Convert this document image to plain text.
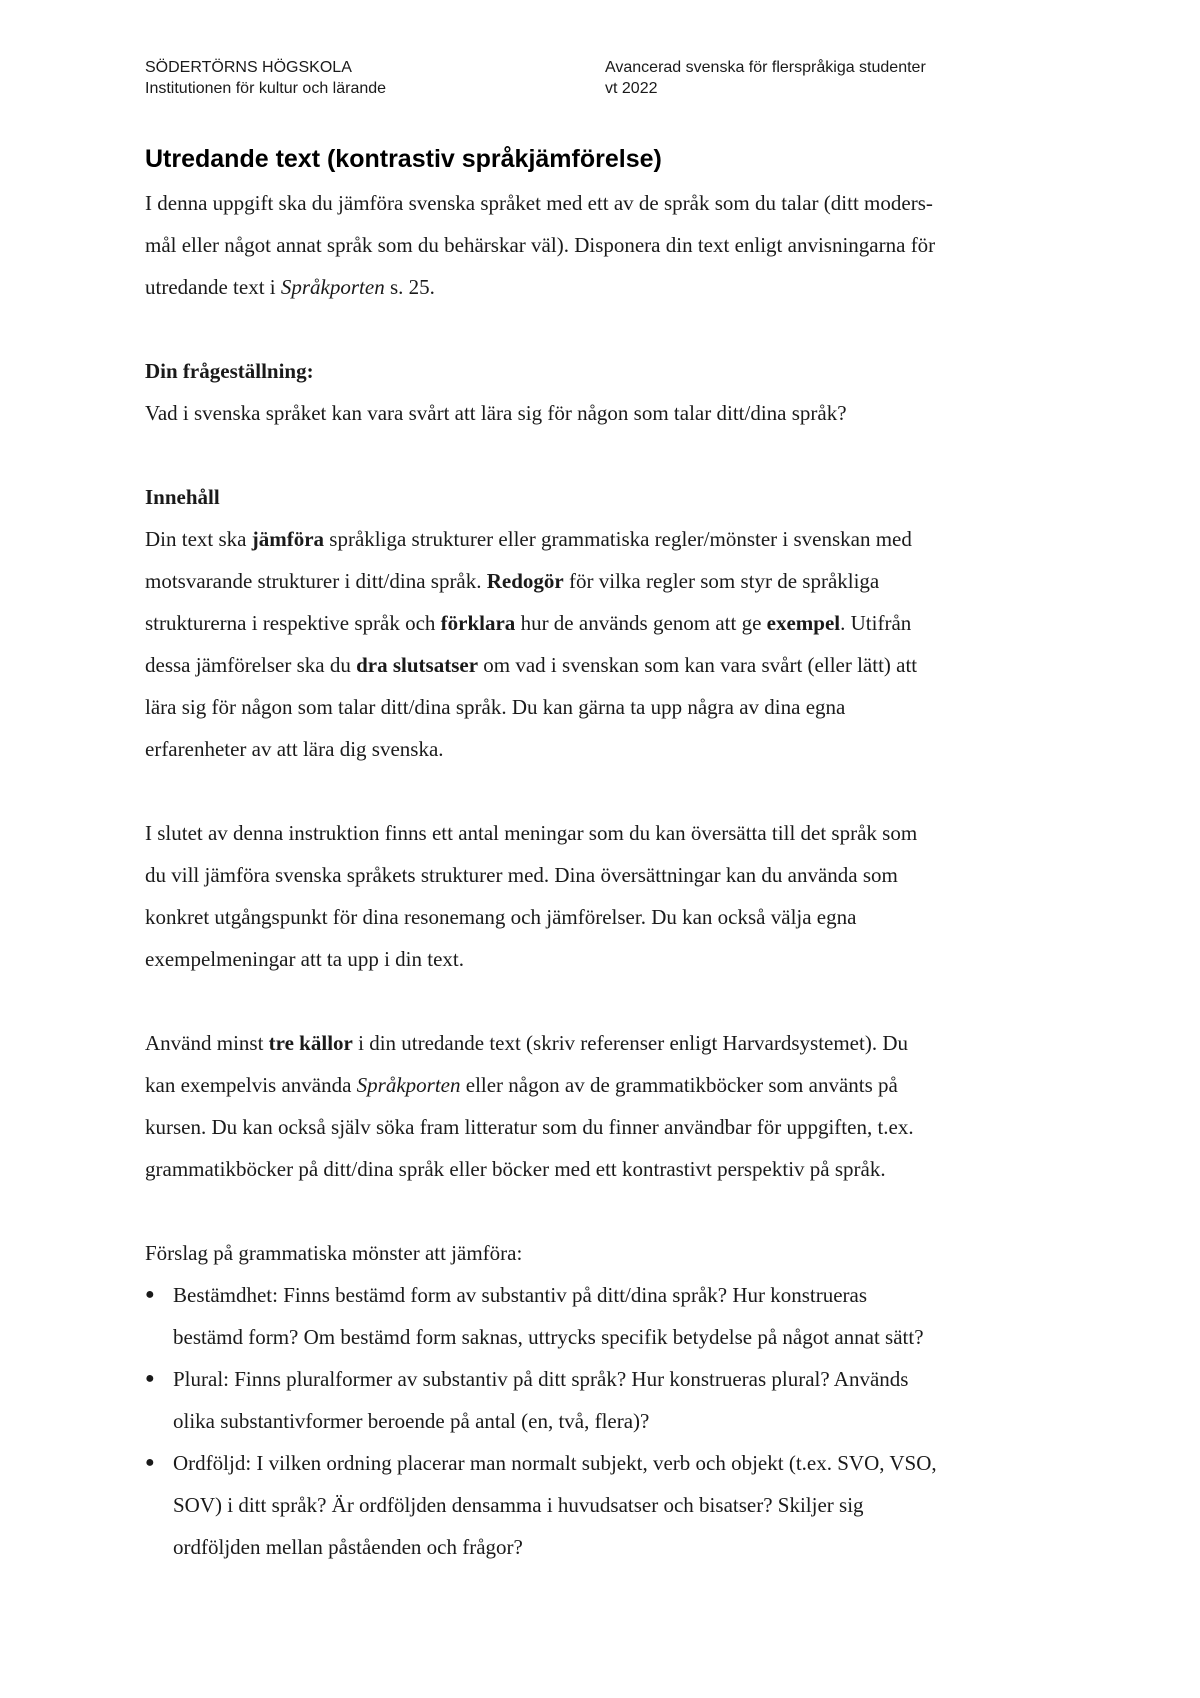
SÖDERTÖRNS HÖGSKOLA
Institutionen för kultur och lärande
Avancerad svenska för flerspråkiga studenter
vt 2022
Utredande text (kontrastiv språkjämförelse)

I denna uppgift ska du jämföra svenska språket med ett av de språk som du talar (ditt moders-
mål eller något annat språk som du behärskar väl). Disponera din text enligt anvisningarna för
utredande text i Språkporten s. 25.

Din frågeställning:

Vad i svenska språket kan vara svårt att lära sig för någon som talar ditt/dina språk?

Innehåll

Din text ska jämföra språkliga strukturer eller grammatiska regler/mönster i svenskan med
motsvarande strukturer i ditt/dina språk. Redogör för vilka regler som styr de språkliga
strukturerna i respektive språk och förklara hur de används genom att ge exempel. Utifrån
dessa jämförelser ska du dra slutsatser om vad i svenskan som kan vara svårt (eller lätt) att
lära sig för någon som talar ditt/dina språk. Du kan gärna ta upp några av dina egna
erfarenheter av att lära dig svenska.

I slutet av denna instruktion finns ett antal meningar som du kan översätta till det språk som
du vill jämföra svenska språkets strukturer med. Dina översättningar kan du använda som
konkret utgångspunkt för dina resonemang och jämförelser. Du kan också välja egna
exempelmeningar att ta upp i din text.

Använd minst tre källor i din utredande text (skriv referenser enligt Harvardsystemet). Du
kan exempelvis använda Språkporten eller någon av de grammatikböcker som använts på
kursen. Du kan också själv söka fram litteratur som du finner användbar för uppgiften, t.ex.
grammatikböcker på ditt/dina språk eller böcker med ett kontrastivt perspektiv på språk.

Förslag på grammatiska mönster att jämföra:

● Bestämdhet: Finns bestämd form av substantiv på ditt/dina språk? Hur konstrueras
bestämd form? Om bestämd form saknas, uttrycks specifik betydelse på något annat sätt?
● Plural: Finns pluralformer av substantiv på ditt språk? Hur konstrueras plural? Används
olika substantivformer beroende på antal (en, två, flera)?
● Ordföljd: I vilken ordning placerar man normalt subjekt, verb och objekt (t.ex. SVO, VSO,
SOV) i ditt språk? Är ordföljden densamma i huvudsatser och bisatser? Skiljer sig
ordföljden mellan påståenden och frågor?
